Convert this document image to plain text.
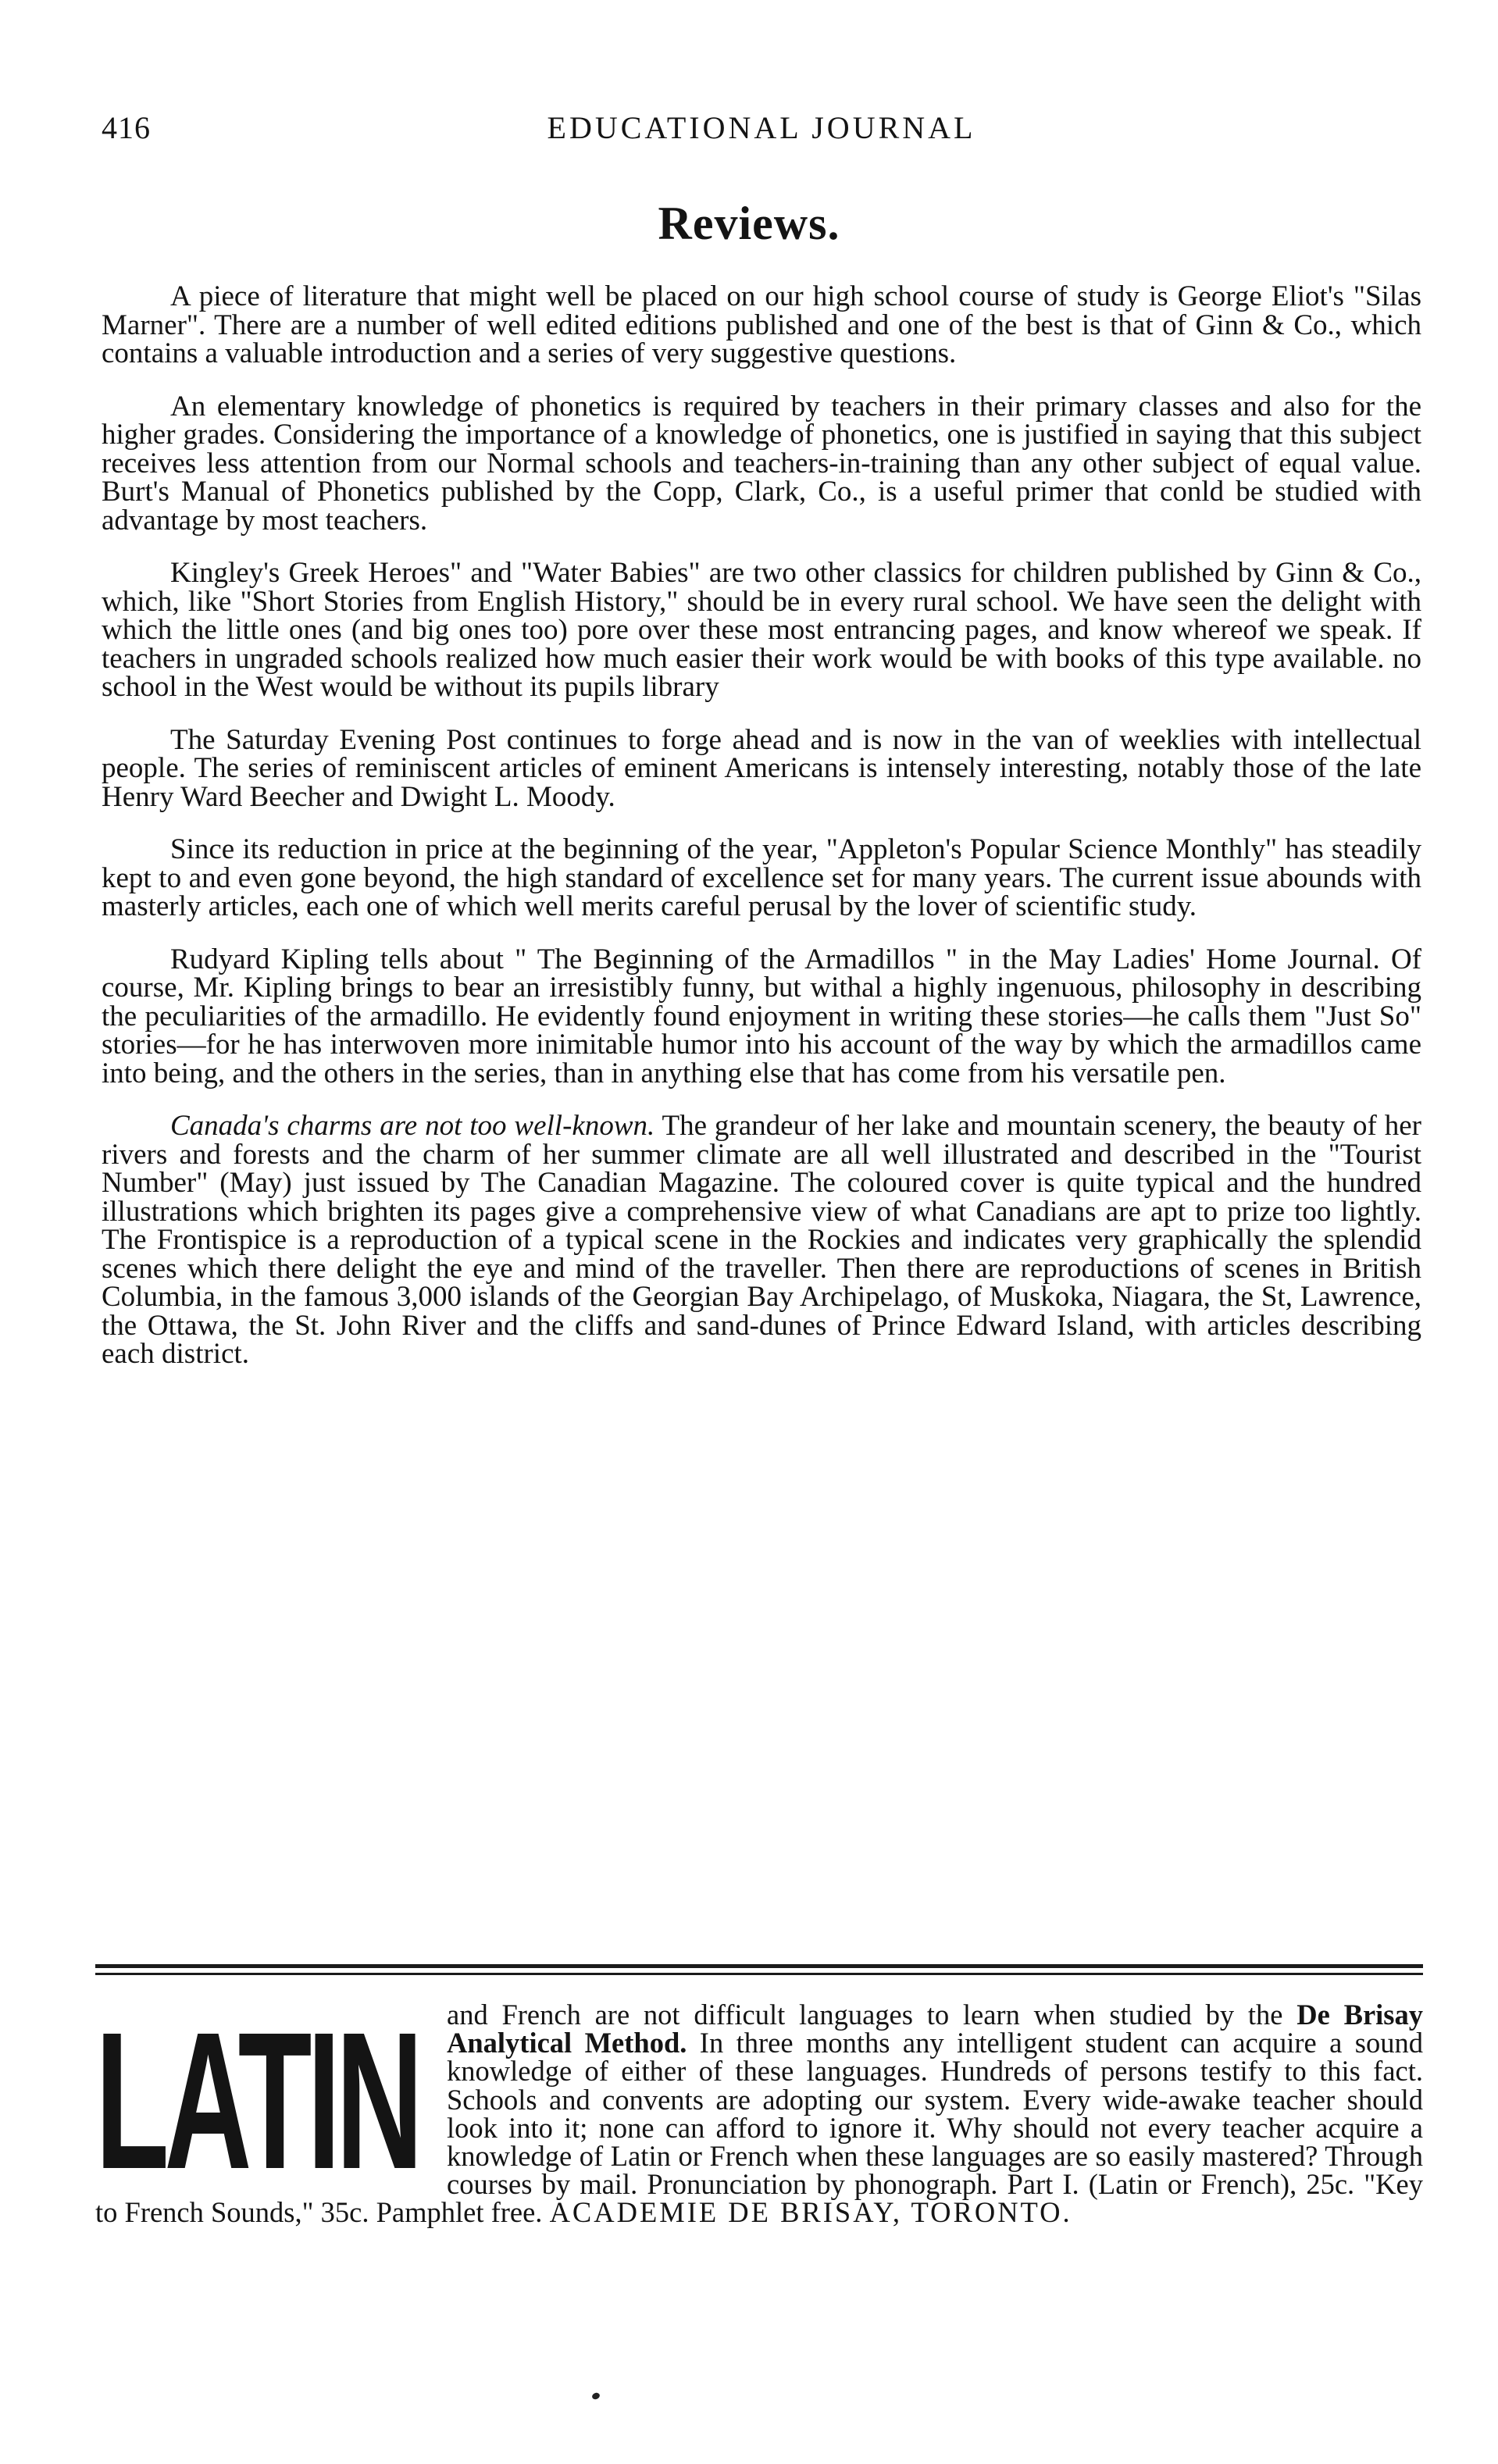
416	EDUCATIONAL JOURNAL
Reviews.

A piece of literature that might well be placed on our high school course of study is George Eliot's "Silas Marner". There are a number of well edited editions published and one of the best is that of Ginn & Co., which contains a valuable introduction and a series of very suggestive questions.

An elementary knowledge of phonetics is required by teachers in their primary classes and also for the higher grades. Considering the importance of a knowledge of phonetics, one is justified in saying that this subject receives less attention from our Normal schools and teachers-in-training than any other subject of equal value. Burt's Manual of Phonetics published by the Copp, Clark, Co., is a useful primer that conld be studied with advantage by most teachers.

Kingley's Greek Heroes" and "Water Babies" are two other classics for children published by Ginn & Co., which, like "Short Stories from English History," should be in every rural school. We have seen the delight with which the little ones (and big ones too) pore over these most entrancing pages, and know whereof we speak. If teachers in ungraded schools realized how much easier their work would be with books of this type available. no school in the West would be without its pupils library

The Saturday Evening Post continues to forge ahead and is now in the van of weeklies with intellectual people. The series of reminiscent articles of eminent Americans is intensely interesting, notably those of the late Henry Ward Beecher and Dwight L. Moody.

Since its reduction in price at the beginning of the year, "Appleton's Popular Science Monthly" has steadily kept to and even gone beyond, the high standard of excellence set for many years. The current issue abounds with masterly articles, each one of which well merits careful perusal by the lover of scientific study.

Rudyard Kipling tells about " The Beginning of the Armadillos " in the May Ladies' Home Journal. Of course, Mr. Kipling brings to bear an irresistibly funny, but withal a highly ingenuous, philosophy in describing the peculiarities of the armadillo. He evidently found enjoyment in writing these stories—he calls them "Just So" stories—for he has interwoven more inimitable humor into his account of the way by which the armadillos came into being, and the others in the series, than in anything else that has come from his versatile pen.

Canada's charms are not too well-known. The grandeur of her lake and mountain scenery, the beauty of her rivers and forests and the charm of her summer climate are all well illustrated and described in the "Tourist Number" (May) just issued by The Canadian Magazine. The coloured cover is quite typical and the hundred illustrations which brighten its pages give a comprehensive view of what Canadians are apt to prize too lightly. The Frontispice is a reproduction of a typical scene in the Rockies and indicates very graphically the splendid scenes which there delight the eye and mind of the traveller. Then there are reproductions of scenes in British Columbia, in the famous 3,000 islands of the Georgian Bay Archipelago, of Muskoka, Niagara, the St, Lawrence, the Ottawa, the St. John River and the cliffs and sand-dunes of Prince Edward Island, with articles describing each district.

LATIN and French are not difficult languages to learn when studied by the De Brisay Analytical Method. In three months any intelligent student can acquire a sound knowledge of either of these languages. Hundreds of persons testify to this fact. Schools and convents are adopting our system. Every wide-awake teacher should look into it; none can afford to ignore it. Why should not every teacher acquire a knowledge of Latin or French when these languages are so easily mastered? Through courses by mail. Pronunciation by phonograph. Part I. (Latin or French), 25c. "Key to French Sounds," 35c. Pamphlet free. ACADEMIE DE BRISAY, TORONTO.
